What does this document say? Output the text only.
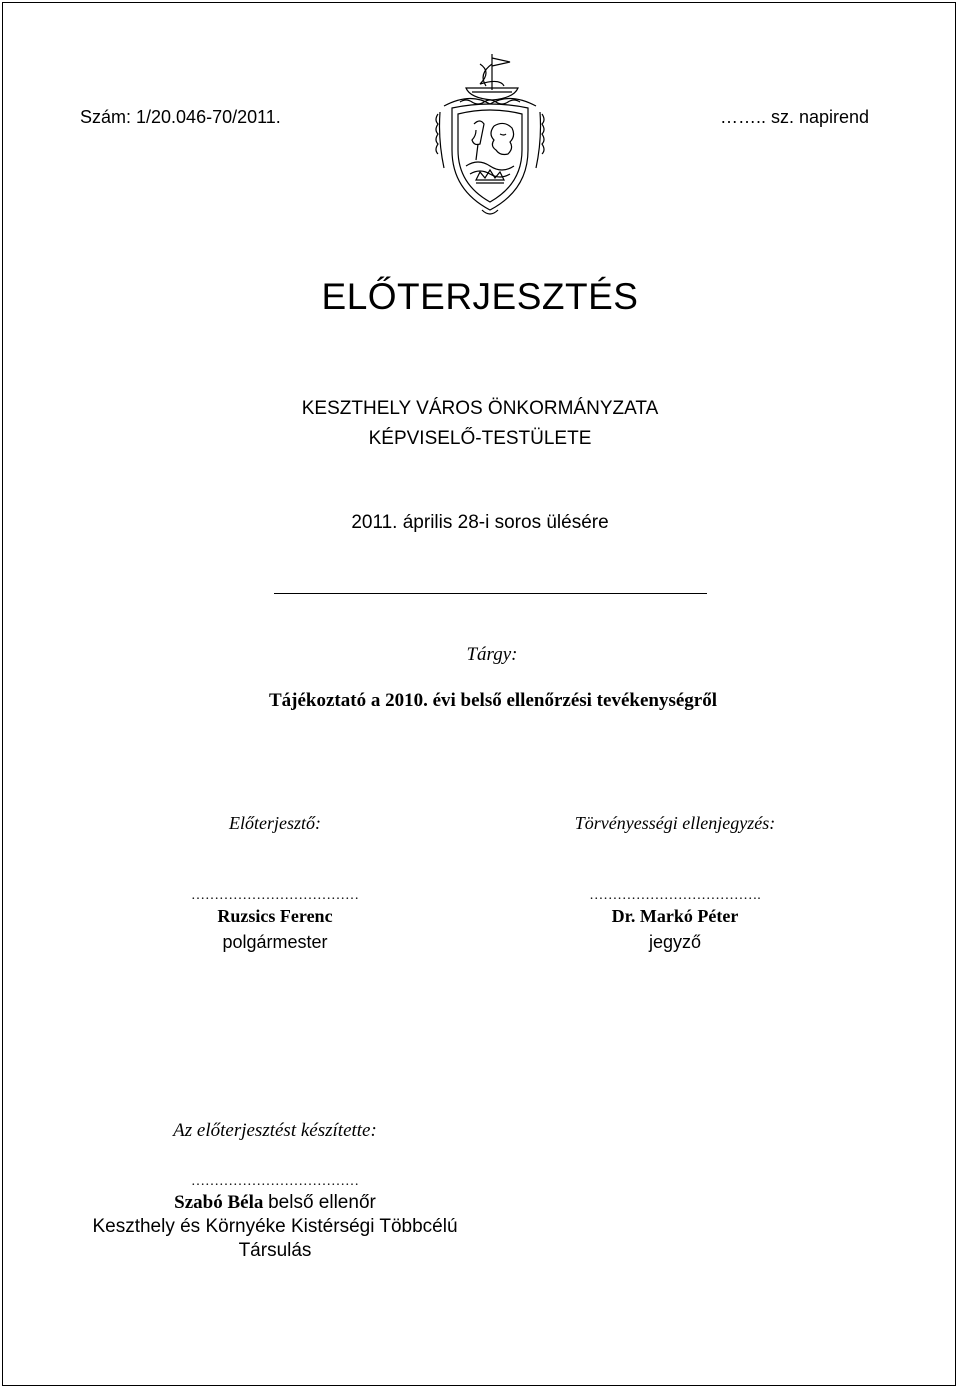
Szám: 1/20.046-70/2011.	…….. sz. napirend
ELŐTERJESZTÉS
KESZTHELY VÁROS ÖNKORMÁNYZATA
KÉPVISELŐ-TESTÜLETE
2011. április 28-i soros ülésére
Tárgy:
Tájékoztató a 2010. évi belső ellenőrzési tevékenységről
Előterjesztő:	Törvényességi ellenjegyzés:
………………………………
Ruzsics Ferenc
polgármester
……………………………….
Dr. Markó Péter
jegyző
Az előterjesztést készítette:
………………………………
Szabó Béla belső ellenőr
Keszthely és Környéke Kistérségi Többcélú
Társulás
